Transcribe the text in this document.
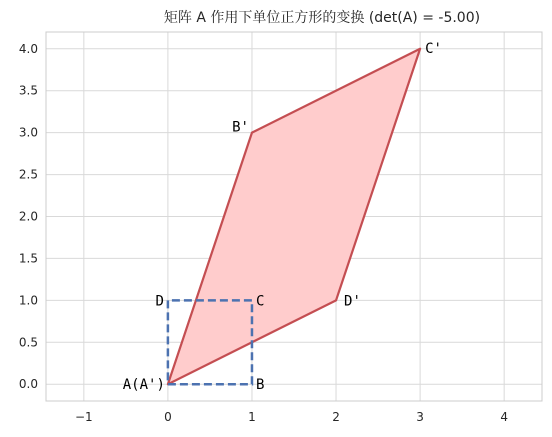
矩阵 A 作用下单位正方形的变换 (det(A) = -5.00)
−1	0	1	2	3	4
0.0
0.5
1.0
1.5
2.0
2.5
3.0
3.5
4.0
A(A')	B
C
D
B'
C'
D'
